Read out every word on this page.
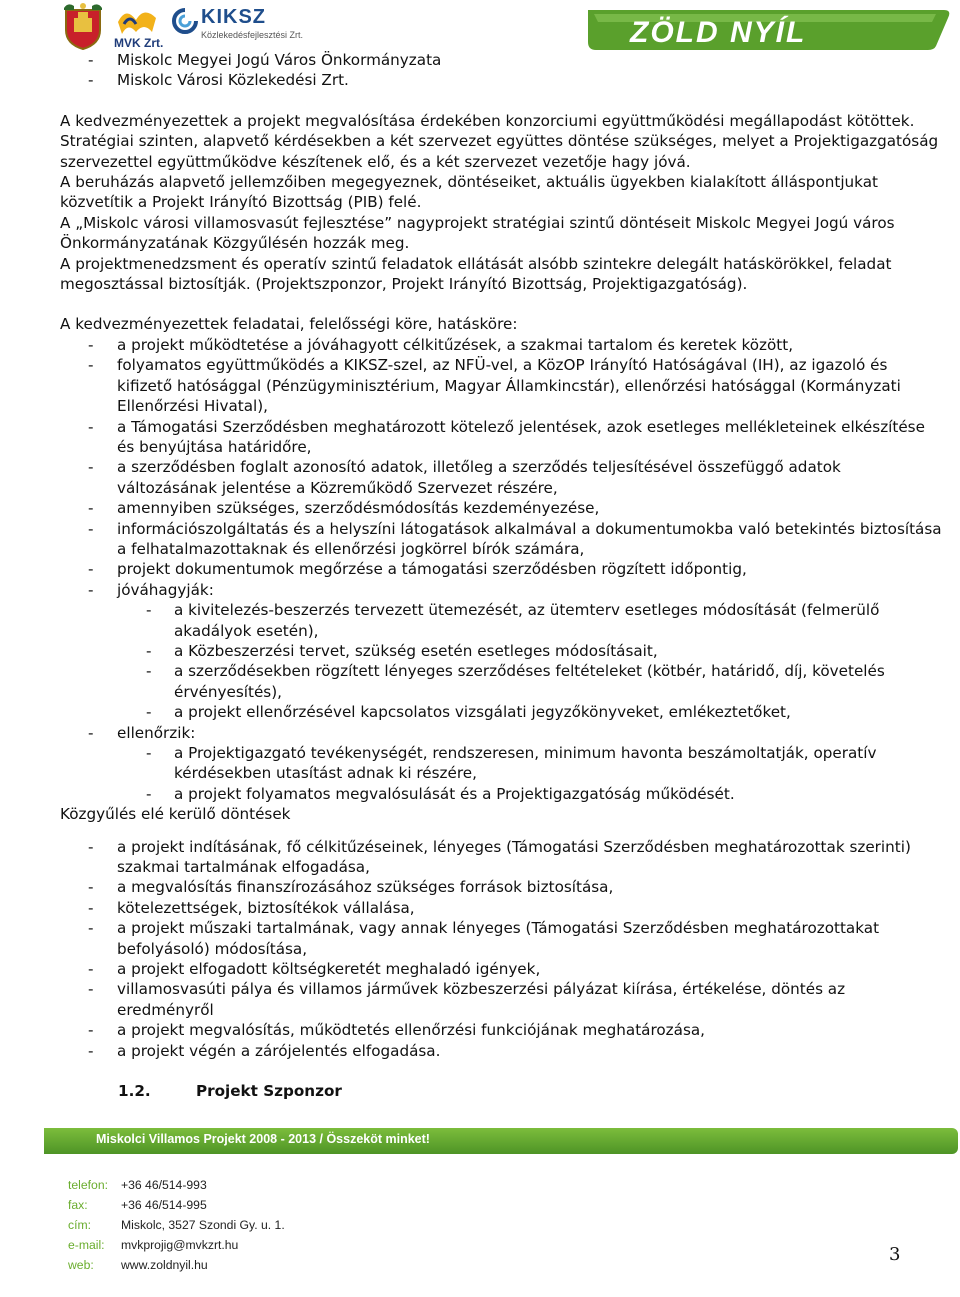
MVK Zrt.
KIKSZ
Közlekedésfejlesztési Zrt.	ZÖLD NYÍL
-	Miskolc Megyei Jogú Város Önkormányzata
-	Miskolc Városi Közlekedési Zrt.

A kedvezményezettek a projekt megvalósítása érdekében konzorciumi együttműködési megállapodást kötöttek. Stratégiai szinten, alapvető kérdésekben a két szervezet együttes döntése szükséges, melyet a Projektigazgatóság szervezettel együttműködve készítenek elő, és a két szervezet vezetője hagy jóvá.

A beruházás alapvető jellemzőiben megegyeznek, döntéseiket, aktuális ügyekben kialakított álláspontjukat közvetítik a Projekt Irányító Bizottság (PIB) felé.

A „Miskolc városi villamosvasút fejlesztése” nagyprojekt stratégiai szintű döntéseit Miskolc Megyei Jogú város Önkormányzatának Közgyűlésén hozzák meg.

A projektmenedzsment és operatív szintű feladatok ellátását alsóbb szintekre delegált hatáskörökkel, feladat megosztással biztosítják. (Projektszponzor, Projekt Irányító Bizottság, Projektigazgatóság).

A kedvezményezettek feladatai, felelősségi köre, hatásköre:

-	a projekt működtetése a jóváhagyott célkitűzések, a szakmai tartalom és keretek között,
-	folyamatos együttműködés a KIKSZ-szel, az NFÜ-vel, a KözOP Irányító Hatóságával (IH), az igazoló és kifizető hatósággal (Pénzügyminisztérium, Magyar Államkincstár), ellenőrzési hatósággal (Kormányzati Ellenőrzési Hivatal),
-	a Támogatási Szerződésben meghatározott kötelező jelentések, azok esetleges mellékleteinek elkészítése és benyújtása határidőre,
-	a szerződésben foglalt azonosító adatok, illetőleg a szerződés teljesítésével összefüggő adatok változásának jelentése a Közreműködő Szervezet részére,
-	amennyiben szükséges, szerződésmódosítás kezdeményezése,
-	információszolgáltatás és a helyszíni látogatások alkalmával a dokumentumokba való betekintés biztosítása a felhatalmazottaknak és ellenőrzési jogkörrel bírók számára,
-	projekt dokumentumok megőrzése a támogatási szerződésben rögzített időpontig,
-	jóváhagyják:
-	a kivitelezés-beszerzés tervezett ütemezését, az ütemterv esetleges módosítását (felmerülő akadályok esetén),
-	a Közbeszerzési tervet, szükség esetén esetleges módosításait,
-	a szerződésekben rögzített lényeges szerződéses feltételeket (kötbér, határidő, díj, követelés érvényesítés),
-	a projekt ellenőrzésével kapcsolatos vizsgálati jegyzőkönyveket, emlékeztetőket,
-	ellenőrzik:
-	a Projektigazgató tevékenységét, rendszeresen, minimum havonta beszámoltatják, operatív kérdésekben utasítást adnak ki részére,
-	a projekt folyamatos megvalósulását és a Projektigazgatóság működését.

Közgyűlés elé kerülő döntések

-	a projekt indításának, fő célkitűzéseinek, lényeges (Támogatási Szerződésben meghatározottak szerinti) szakmai tartalmának elfogadása,
-	a megvalósítás finanszírozásához szükséges források biztosítása,
-	kötelezettségek, biztosítékok vállalása,
-	a projekt műszaki tartalmának, vagy annak lényeges (Támogatási Szerződésben meghatározottakat befolyásoló) módosítása,
-	a projekt elfogadott költségkeretét meghaladó igények,
-	villamosvasúti pálya és villamos járművek közbeszerzési pályázat kiírása, értékelése, döntés az eredményről
-	a projekt megvalósítás, működtetés ellenőrzési funkciójának meghatározása,
-	a projekt végén a zárójelentés elfogadása.
1.2.	Projekt Szponzor
Miskolci Villamos Projekt 2008 - 2013 / Összeköt minket!
telefon:	+36 46/514-993
fax:	+36 46/514-995
cím:	Miskolc, 3527 Szondi Gy. u. 1.
e-mail:	mvkprojig@mvkzrt.hu
web:	www.zoldnyil.hu	3
